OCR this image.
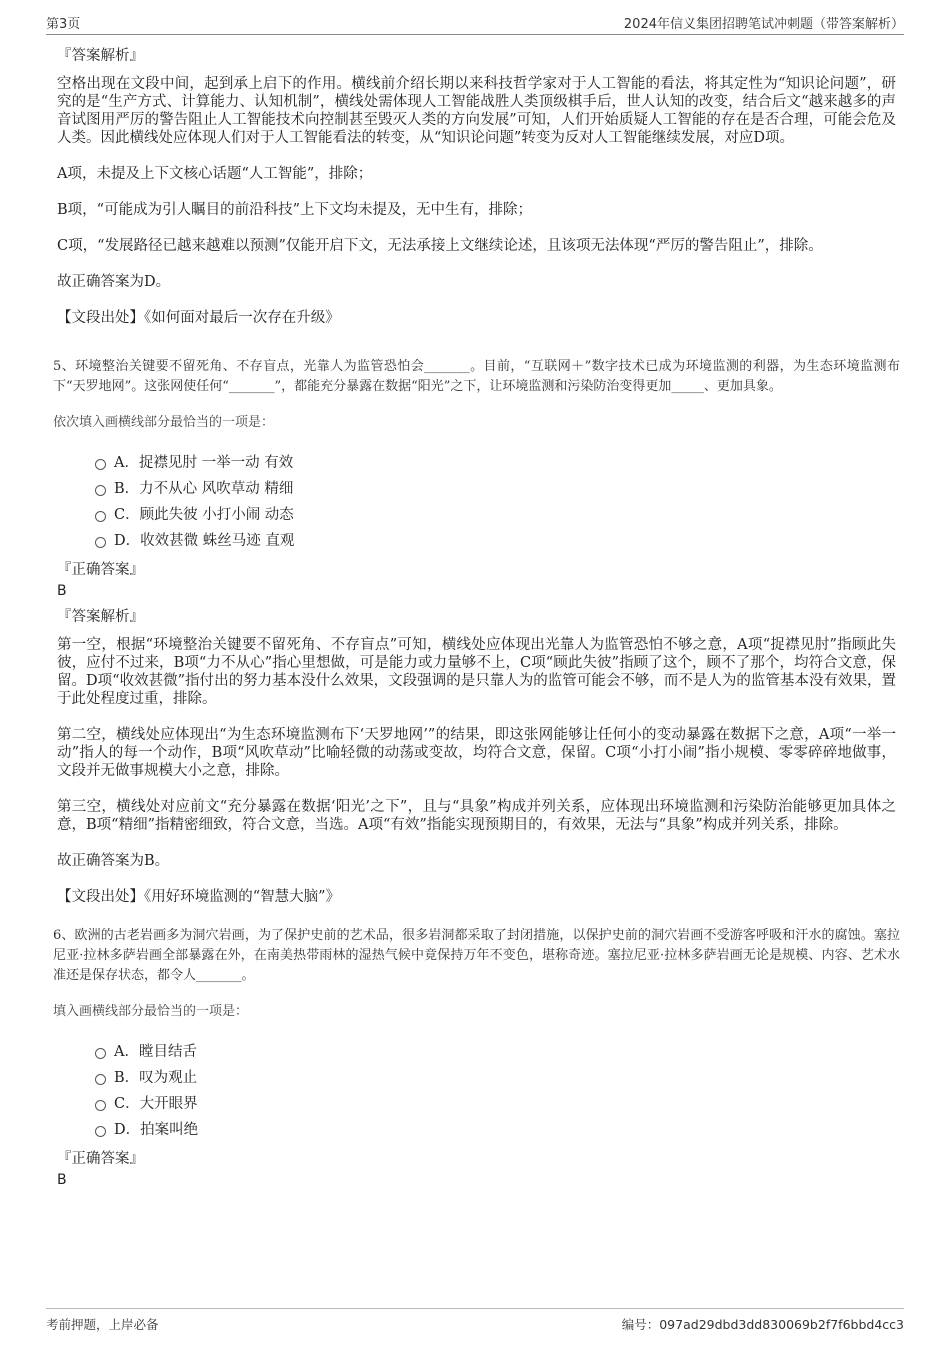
第3页	2024年信义集团招聘笔试冲刺题（带答案解析）
『答案解析』

空格出现在文段中间，起到承上启下的作用。横线前介绍长期以来科技哲学家对于人工智能的看法，将其定性为“知识论问题”，研究的是“生产方式、计算能力、认知机制”，横线处需体现人工智能战胜人类顶级棋手后，世人认知的改变，结合后文“越来越多的声音试图用严厉的警告阻止人工智能技术向控制甚至毁灭人类的方向发展”可知，人们开始质疑人工智能的存在是否合理，可能会危及人类。因此横线处应体现人们对于人工智能看法的转变，从“知识论问题”转变为反对人工智能继续发展，对应D项。

A项，未提及上下文核心话题“人工智能”，排除；

B项，“可能成为引人瞩目的前沿科技”上下文均未提及，无中生有，排除；

C项，“发展路径已越来越难以预测”仅能开启下文，无法承接上文继续论述，且该项无法体现“严厉的警告阻止”，排除。

故正确答案为D。

【文段出处】《如何面对最后一次存在升级》

5、环境整治关键要不留死角、不存盲点，光靠人为监管恐怕会_______。目前，“互联网＋”数字技术已成为环境监测的利器，为生态环境监测布下“天罗地网”。这张网使任何“_______”，都能充分暴露在数据“阳光”之下，让环境监测和污染防治变得更加_____、更加具象。

依次填入画横线部分最恰当的一项是：

A．捉襟见肘 一举一动 有效
B．力不从心 风吹草动 精细
C．顾此失彼 小打小闹 动态
D．收效甚微 蛛丝马迹 直观
『正确答案』
B
『答案解析』

第一空，根据“环境整治关键要不留死角、不存盲点”可知，横线处应体现出光靠人为监管恐怕不够之意，A项“捉襟见肘”指顾此失彼，应付不过来，B项“力不从心”指心里想做，可是能力或力量够不上，C项“顾此失彼”指顾了这个，顾不了那个，均符合文意，保留。D项“收效甚微”指付出的努力基本没什么效果，文段强调的是只靠人为的监管可能会不够，而不是人为的监管基本没有效果，置于此处程度过重，排除。

第二空，横线处应体现出“为生态环境监测布下‘天罗地网’”的结果，即这张网能够让任何小的变动暴露在数据下之意，A项“一举一动”指人的每一个动作，B项“风吹草动”比喻轻微的动荡或变故，均符合文意，保留。C项“小打小闹”指小规模、零零碎碎地做事，文段并无做事规模大小之意，排除。

第三空，横线处对应前文“充分暴露在数据‘阳光’之下”，且与“具象”构成并列关系，应体现出环境监测和污染防治能够更加具体之意，B项“精细”指精密细致，符合文意，当选。A项“有效”指能实现预期目的，有效果，无法与“具象”构成并列关系，排除。

故正确答案为B。

【文段出处】《用好环境监测的“智慧大脑”》

6、欧洲的古老岩画多为洞穴岩画，为了保护史前的艺术品，很多岩洞都采取了封闭措施，以保护史前的洞穴岩画不受游客呼吸和汗水的腐蚀。塞拉尼亚·拉林多萨岩画全部暴露在外，在南美热带雨林的湿热气候中竟保持万年不变色，堪称奇迹。塞拉尼亚·拉林多萨岩画无论是规模、内容、艺术水准还是保存状态，都令人_______。

填入画横线部分最恰当的一项是：

A．瞠目结舌
B．叹为观止
C．大开眼界
D．拍案叫绝
『正确答案』
B
考前押题，上岸必备	编号：097ad29dbd3dd830069b2f7f6bbd4cc3
